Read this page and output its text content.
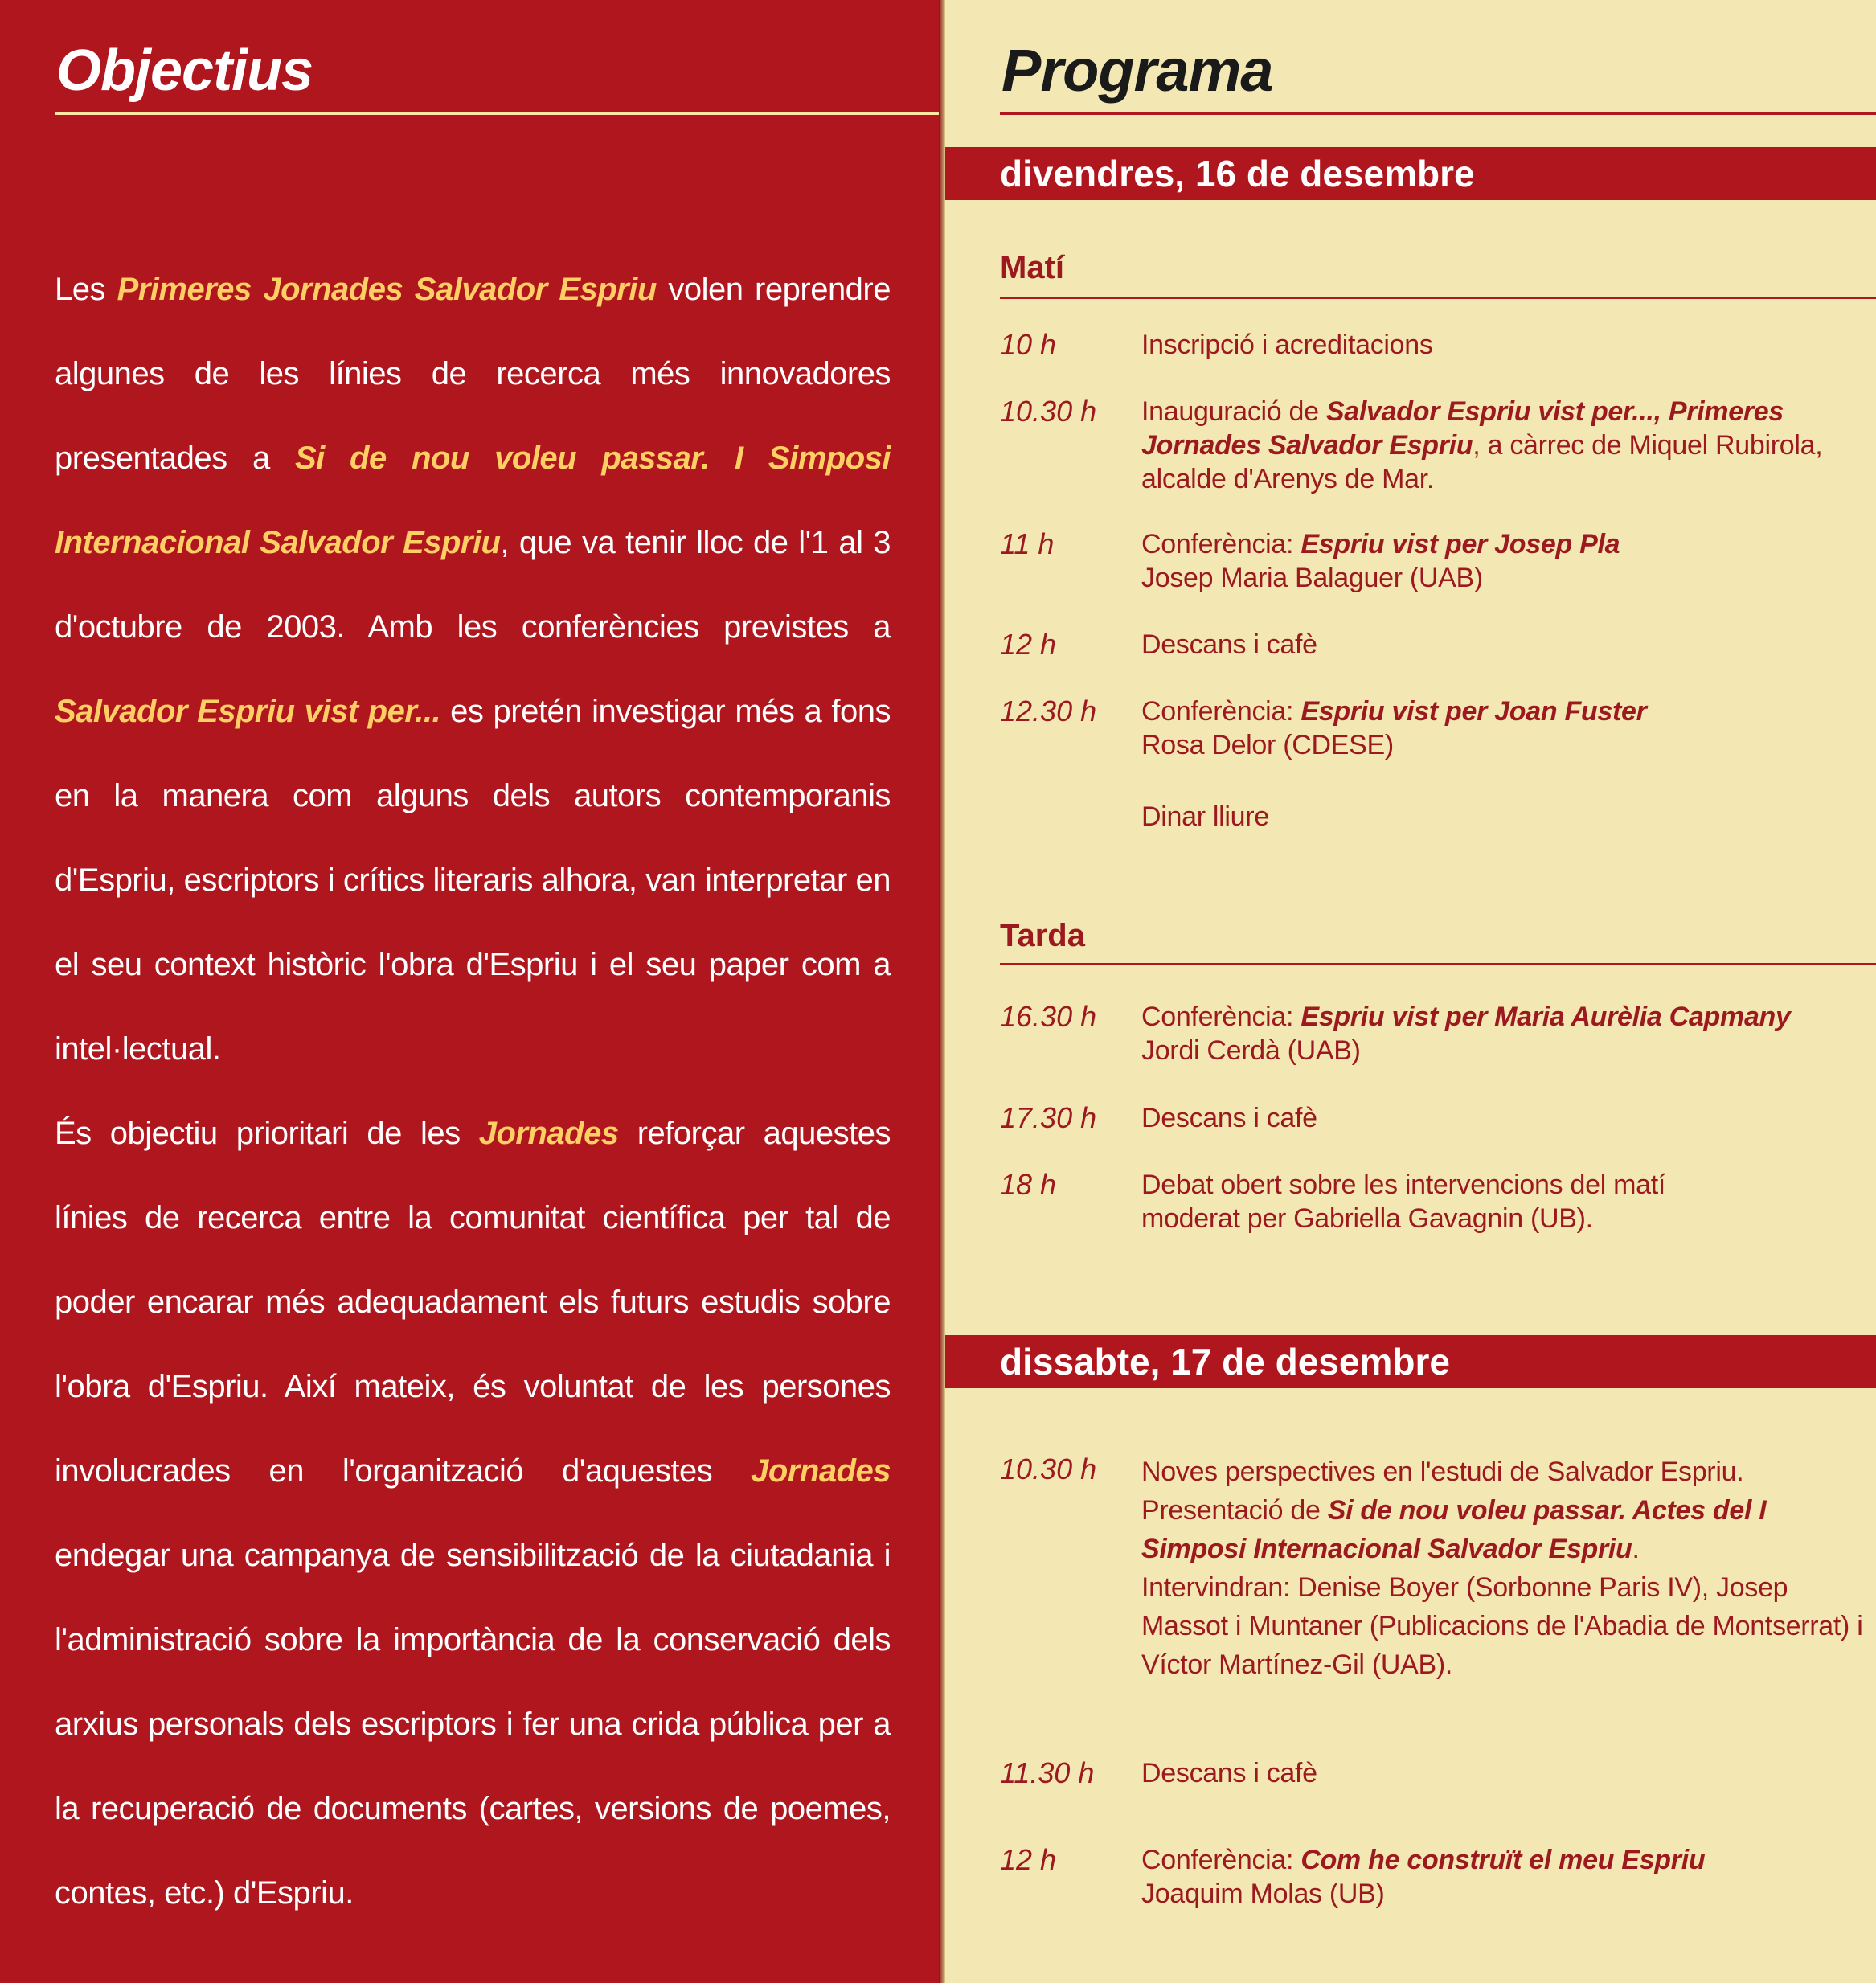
Objectius

Les Primeres Jornades Salvador Espriu volen reprendre algunes de les línies de recerca més innovadores presentades a Si de nou voleu passar. I Simposi Internacional Salvador Espriu, que va tenir lloc de l'1 al 3 d'octubre de 2003. Amb les conferències previstes a Salvador Espriu vist per... es pretén investigar més a fons en la manera com alguns dels autors contemporanis d'Espriu, escriptors i crítics literaris alhora, van interpretar en el seu context històric l'obra d'Espriu i el seu paper com a intel·lectual.

És objectiu prioritari de les Jornades reforçar aquestes línies de recerca entre la comunitat científica per tal de poder encarar més adequadament els futurs estudis sobre l'obra d'Espriu. Així mateix, és voluntat de les persones involucrades en l'organització d'aquestes Jornades endegar una campanya de sensibilització de la ciutadania i l'administració sobre la importància de la conservació dels arxius personals dels escriptors i fer una crida pública per a la recuperació de documents (cartes, versions de poemes, contes, etc.) d'Espriu.

Programa
divendres, 16 de desembre
Matí
10 h	Inscripció i acreditacions
10.30 h	Inauguració de Salvador Espriu vist per..., Primeres Jornades Salvador Espriu, a càrrec de Miquel Rubirola, alcalde d'Arenys de Mar.
11 h	Conferència: Espriu vist per Josep Pla
Josep Maria Balaguer (UAB)
12 h	Descans i cafè
12.30 h	Conferència: Espriu vist per Joan Fuster
Rosa Delor (CDESE)
Dinar lliure
Tarda
16.30 h	Conferència: Espriu vist per Maria Aurèlia Capmany
Jordi Cerdà (UAB)
17.30 h	Descans i cafè
18 h	Debat obert sobre les intervencions del matí
moderat per Gabriella Gavagnin (UB).
dissabte, 17 de desembre
10.30 h	Noves perspectives en l'estudi de Salvador Espriu.
Presentació de Si de nou voleu passar. Actes del I Simposi Internacional Salvador Espriu.
Intervindran: Denise Boyer (Sorbonne Paris IV), Josep Massot i Muntaner (Publicacions de l'Abadia de Montserrat) i Víctor Martínez-Gil (UAB).
11.30 h	Descans i cafè
12 h	Conferència: Com he construït el meu Espriu
Joaquim Molas (UB)
